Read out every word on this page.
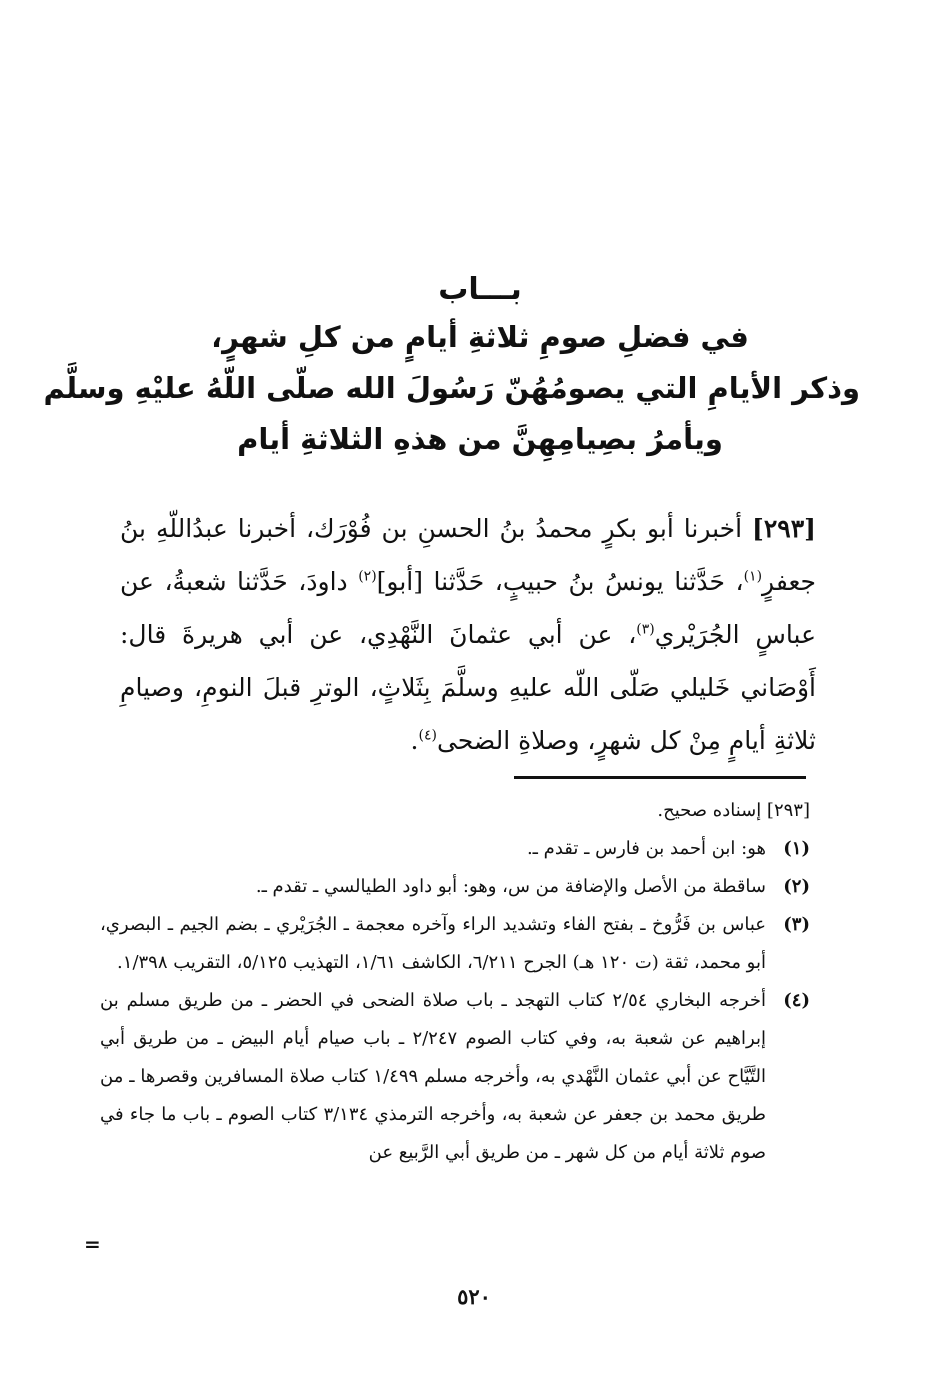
بـــاب
في فضلِ صومِ ثلاثةِ أيامٍ من كلِ شهرٍ،
وذكر الأيامِ التي يصومُهُنّ رَسُولَ الله صلّى اللّهُ عليْهِ وسلَّم
ويأمرُ بصِيامِهِنَّ من هذهِ الثلاثةِ أيام
[٢٩٣] أخبرنا أبو بكرٍ محمدُ بنُ الحسنِ بن فُوْرَك، أخبرنا عبدُاللّهِ بنُ جعفرٍ$^{(١)}$، حَدَّثنا يونسُ بنُ حبيبٍ، حَدَّثنا [أبو]$^{(٢)}$ داودَ، حَدَّثنا شعبةُ، عن عباسٍ الجُرَيْري$^{(٣)}$، عن أبي عثمانَ النَّهْدِي، عن أبي هريرةَ قال: أَوْصَاني خَليلي صَلّى اللّه عليهِ وسلَّمَ بِثَلاثٍ، الوترِ قبلَ النومِ، وصيامِ ثلاثةِ أيامٍ مِنْ كل شهرٍ، وصلاةِ الضحى$^{(٤)}$.
[٢٩٣] إسناده صحيح.
(١)
هو: ابن أحمد بن فارس ـ تقدم ـ.
(٢)
ساقطة من الأصل والإضافة من س، وهو: أبو داود الطيالسي ـ تقدم ـ.
(٣)
عباس بن فَرُّوخ ـ بفتح الفاء وتشديد الراء وآخره معجمة ـ الجُرَيْري ـ بضم الجيم ـ البصري، أبو محمد، ثقة (ت ١٢٠ هـ) الجرح ٦/٢١١، الكاشف ١/٦١، التهذيب ٥/١٢٥، التقريب ١/٣٩٨.
(٤)
أخرجه البخاري ٢/٥٤ كتاب التهجد ـ باب صلاة الضحى في الحضر ـ من طريق مسلم بن إبراهيم عن شعبة به، وفي كتاب الصوم ٢/٢٤٧ ـ باب صيام أيام البيض ـ من طريق أبي التَّيَّاح عن أبي عثمان النَّهْدي به، وأخرجه مسلم ١/٤٩٩ كتاب صلاة المسافرين وقصرها ـ من طريق محمد بن جعفر عن شعبة به، وأخرجه الترمذي ٣/١٣٤ كتاب الصوم ـ باب ما جاء في صوم ثلاثة أيام من كل شهر ـ من طريق أبي الرَّبيع عن
=
٥٢٠
